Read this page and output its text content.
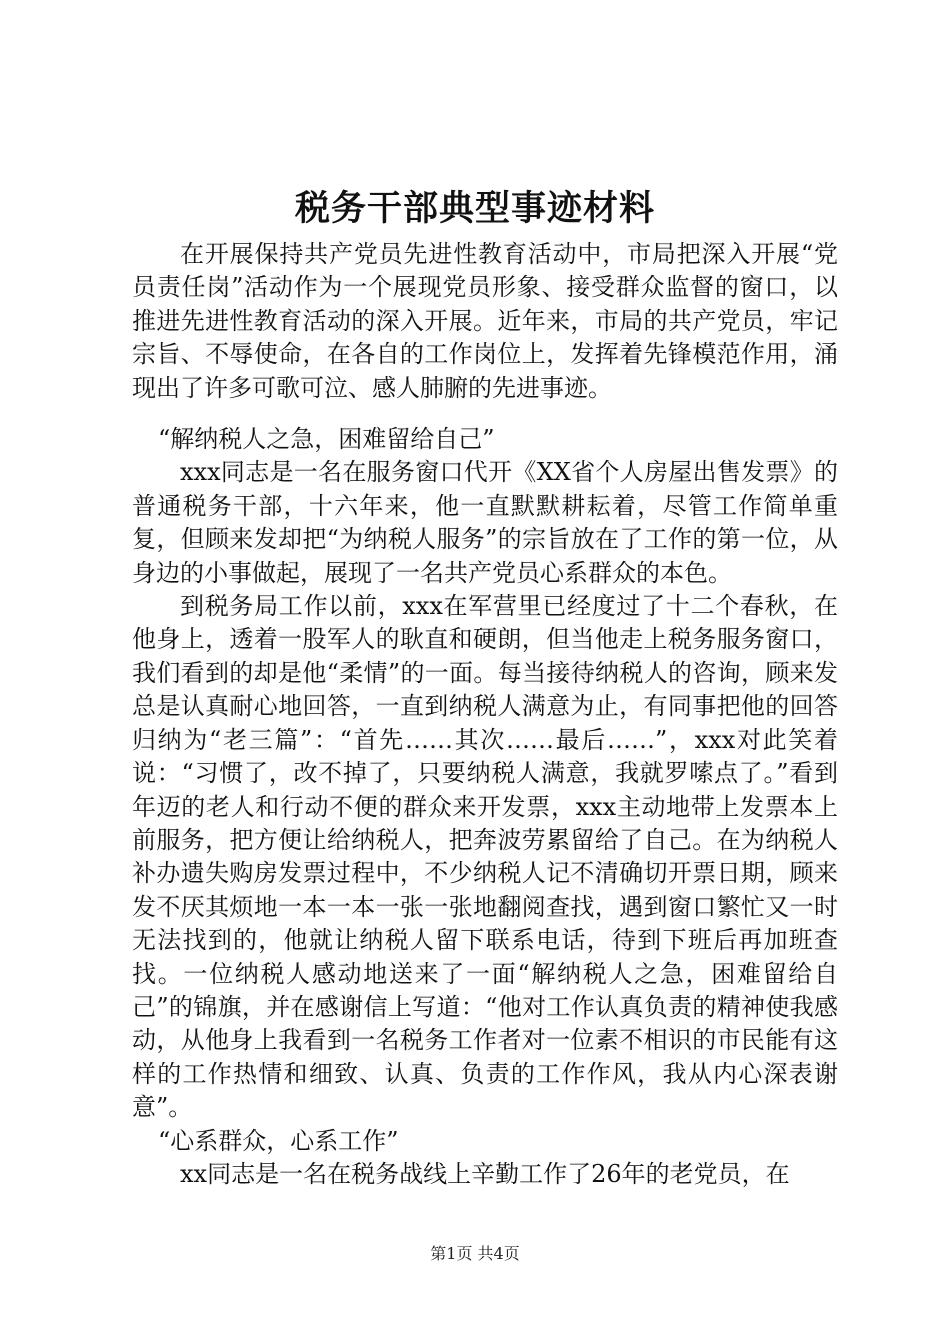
税务干部典型事迹材料

在开展保持共产党员先进性教育活动中，市局把深入开展“党员责任岗”活动作为一个展现党员形象、接受群众监督的窗口，以推进先进性教育活动的深入开展。近年来，市局的共产党员，牢记宗旨、不辱使命，在各自的工作岗位上，发挥着先锋模范作用，涌现出了许多可歌可泣、感人肺腑的先进事迹。

“解纳税人之急，困难留给自己”

xxx同志是一名在服务窗口代开《XX省个人房屋出售发票》的普通税务干部，十六年来，他一直默默耕耘着，尽管工作简单重复，但顾来发却把“为纳税人服务”的宗旨放在了工作的第一位，从身边的小事做起，展现了一名共产党员心系群众的本色。

到税务局工作以前，xxx在军营里已经度过了十二个春秋，在他身上，透着一股军人的耿直和硬朗，但当他走上税务服务窗口，我们看到的却是他“柔情”的一面。每当接待纳税人的咨询，顾来发总是认真耐心地回答，一直到纳税人满意为止，有同事把他的回答归纳为“老三篇”：“首先……其次……最后……”，xxx对此笑着说：“习惯了，改不掉了，只要纳税人满意，我就罗嗦点了。”看到年迈的老人和行动不便的群众来开发票，xxx主动地带上发票本上前服务，把方便让给纳税人，把奔波劳累留给了自己。在为纳税人补办遗失购房发票过程中，不少纳税人记不清确切开票日期，顾来发不厌其烦地一本一本一张一张地翻阅查找，遇到窗口繁忙又一时无法找到的，他就让纳税人留下联系电话，待到下班后再加班查找。一位纳税人感动地送来了一面“解纳税人之急，困难留给自己”的锦旗，并在感谢信上写道：“他对工作认真负责的精神使我感动，从他身上我看到一名税务工作者对一位素不相识的市民能有这样的工作热情和细致、认真、负责的工作作风，我从内心深表谢意”。

“心系群众，心系工作”

xx同志是一名在税务战线上辛勤工作了26年的老党员，在

第1页 共4页
